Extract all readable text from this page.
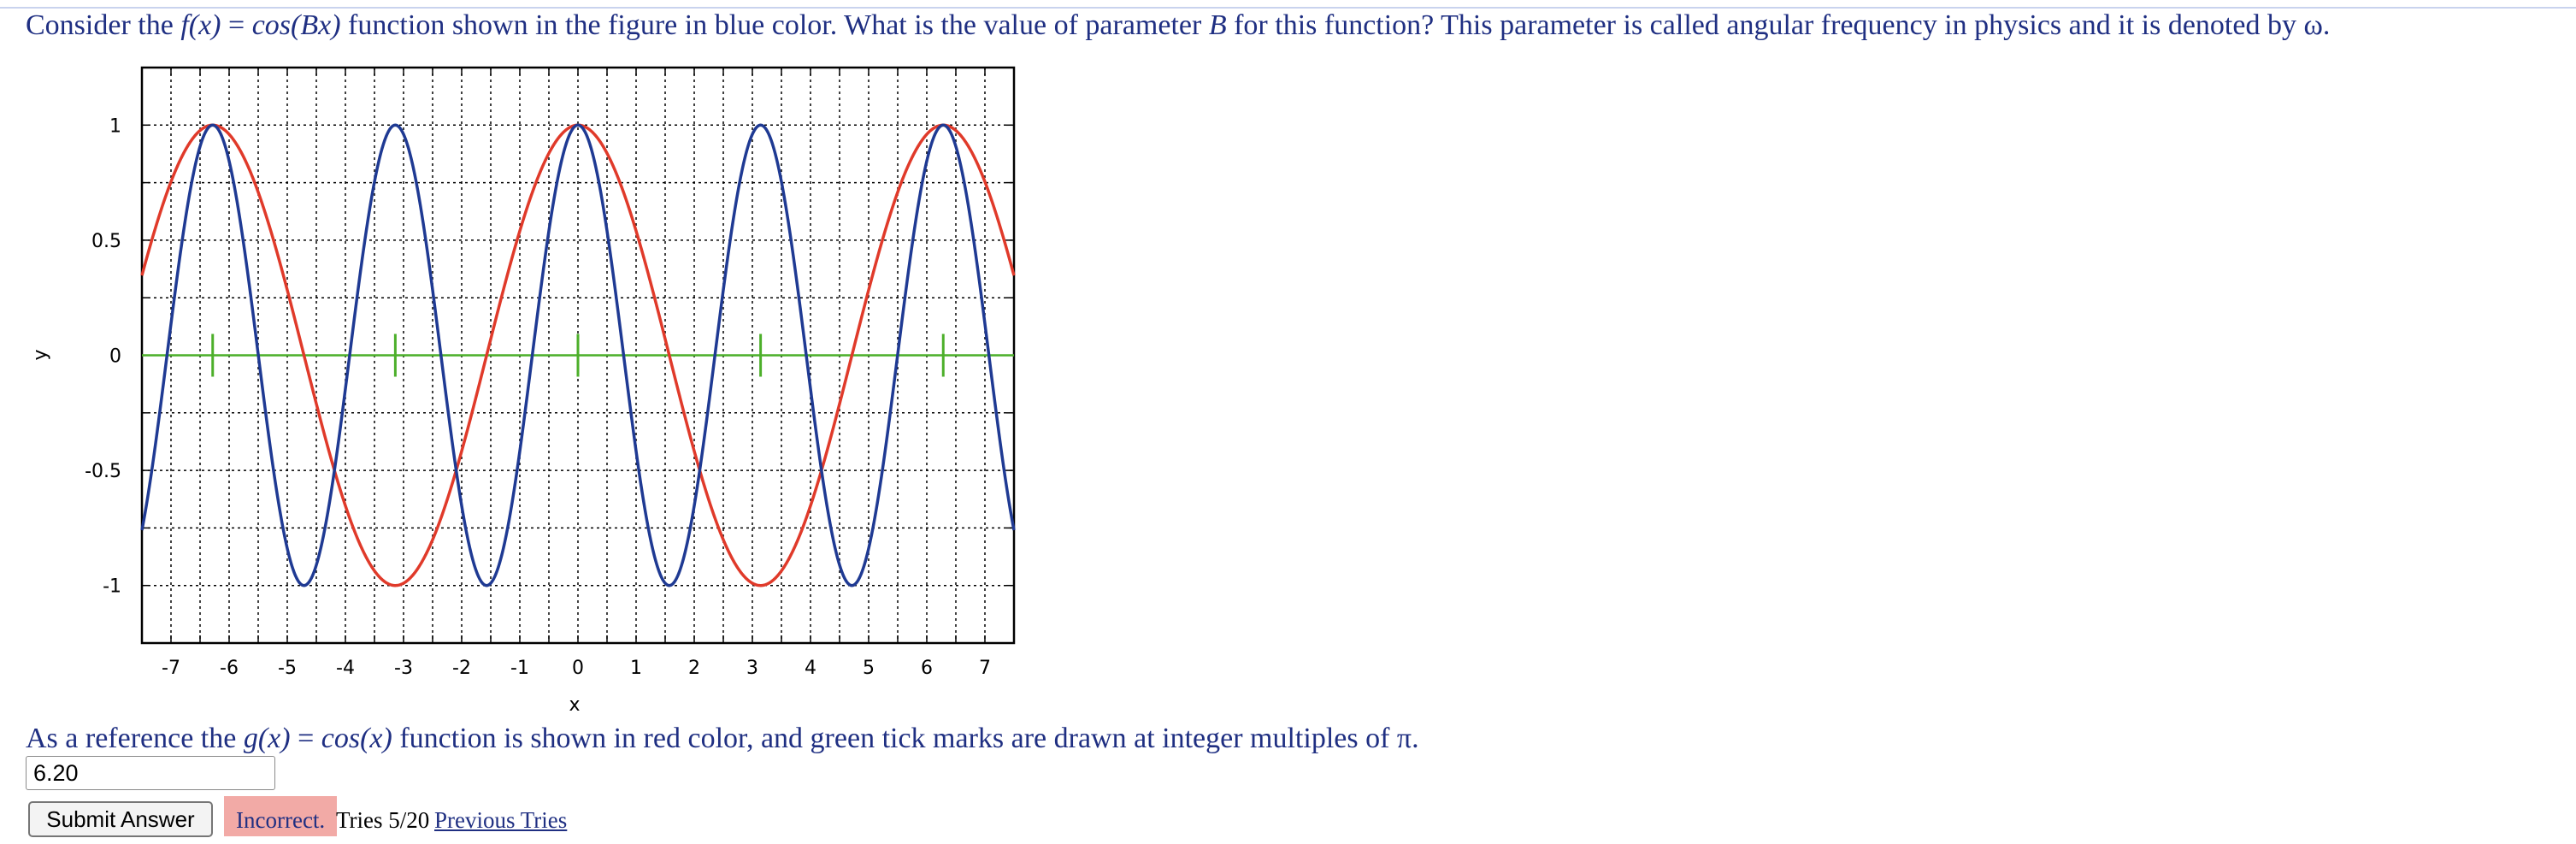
Consider the f(x) = cos(Bx) function shown in the figure in blue color. What is the value of parameter B for this function? This parameter is called angular frequency in physics and it is denoted by ω.
-7 -6 -5 -4 -3 -2 -1 0 1 2 3 4 5 6 7
1
0.5
0
-0.5
-1
x
y
As a reference the g(x) = cos(x) function is shown in red color, and green tick marks are drawn at integer multiples of π.
6.20
Submit Answer	Incorrect. Tries 5/20 Previous Tries
